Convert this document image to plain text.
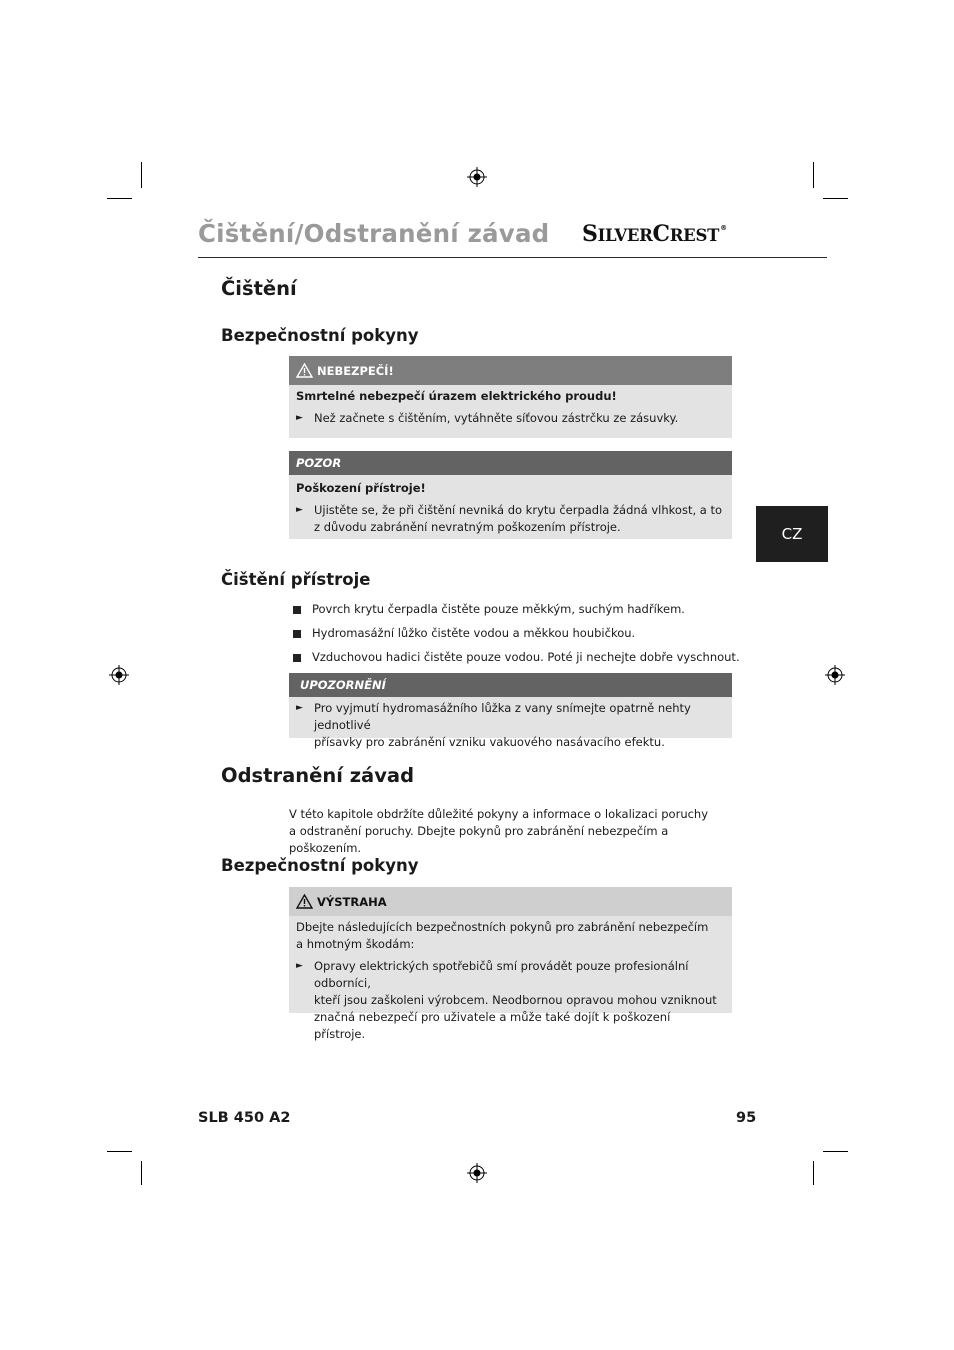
Čištění/Odstranění závad SILVERCREST®
Čištění
Bezpečnostní pokyny
NEBEZPEČÍ!
Smrtelné nebezpečí úrazem elektrického proudu!
► Než začnete s čištěním, vytáhněte síťovou zástrčku ze zásuvky.
POZOR
Poškození přístroje!
► Ujistěte se, že při čištění nevniká do krytu čerpadla žádná vlhkost, a to
z důvodu zabránění nevratným poškozením přístroje.
Čištění přístroje
Povrch krytu čerpadla čistěte pouze měkkým, suchým hadříkem.
Hydromasážní lůžko čistěte vodou a měkkou houbičkou.
Vzduchovou hadici čistěte pouze vodou. Poté ji nechejte dobře vyschnout.
UPOZORNĚNÍ
► Pro vyjmutí hydromasážního lůžka z vany snímejte opatrně nehty jednotlivé
přísavky pro zabránění vzniku vakuového nasávacího efektu.
Odstranění závad
V této kapitole obdržíte důležité pokyny a informace o lokalizaci poruchy
a odstranění poruchy. Dbejte pokynů pro zabránění nebezpečím a poškozením.
Bezpečnostní pokyny
VÝSTRAHA
Dbejte následujících bezpečnostních pokynů pro zabránění nebezpečím
a hmotným škodám:
► Opravy elektrických spotřebičů smí provádět pouze profesionální odborníci,
kteří jsou zaškoleni výrobcem. Neodbornou opravou mohou vzniknout
značná nebezpečí pro uživatele a může také dojít k poškození přístroje.
CZ
SLB 450 A2	95
